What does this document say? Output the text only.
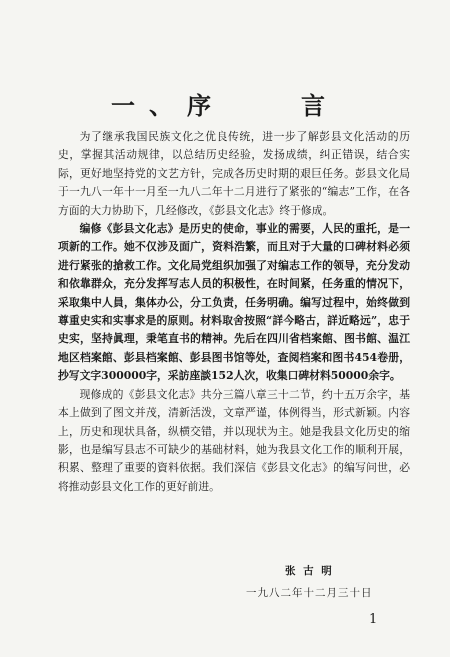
一、序　　言

为了继承我国民族文化之优良传统，进一步了解彭县文化活动的历史，掌握其活动规律，以总结历史经验，发扬成绩，纠正错误，结合实际，更好地坚持党的文艺方针，完成各历史时期的艰巨任务。彭县文化局于一九八一年十一月至一九八二年十二月进行了紧张的“编志”工作，在各方面的大力协助下，几经修改，《彭县文化志》终于修成。

编修《彭县文化志》是历史的使命，事业的需要，人民的重托，是一项新的工作。她不仅涉及面广，资料浩繁，而且对于大量的口碑材料必须进行紧张的搶救工作。文化局党组织加强了对编志工作的领导，充分发动和依靠群众，充分发挥写志人员的积极性，在时间紧，任务重的情况下，采取集中人員，集体办公，分工负责，任务明确。编写过程中，始终做到尊重史实和实事求是的原则。材料取舍按照“詳今略古，詳近略远”，忠于史实，坚持眞理，秉笔直书的精神。先后在四川省档案館、图书館、温江地区档案館、彭县档案館、彭县图书馆等处，查阅档案和图书454卷册，抄写文字300000字，采訪座談152人次，收集口碑材料50000余字。

现修成的《彭县文化志》共分三篇八章三十二节，约十五万余字，基本上做到了图文并茂，清新活泼，文章严谨，体例得当，形式新颖。内容上，历史和现状具备，纵横交错，并以现状为主。她是我县文化历史的缩影，也是编写县志不可缺少的基础材料，她为我县文化工作的顺利开展，积累、整理了重要的資料依据。我们深信《彭县文化志》的编写问世，必将推动彭县文化工作的更好前进。

张 古 明
一九八二年十二月三十日
1
